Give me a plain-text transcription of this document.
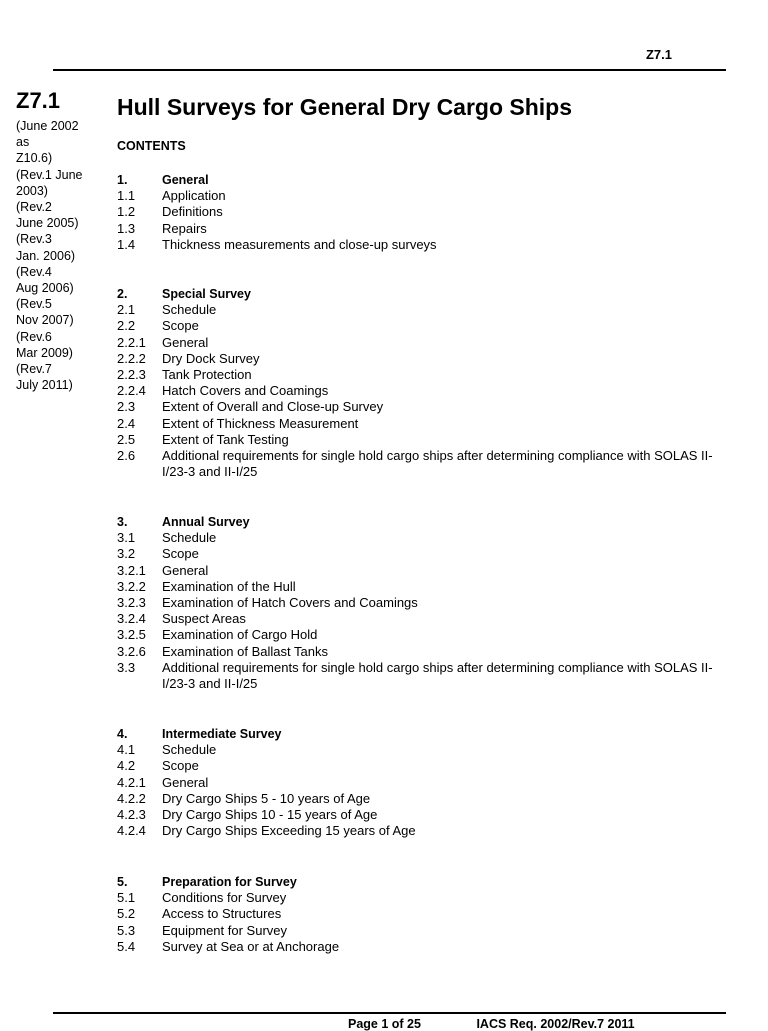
Z7.1
Z7.1
(June 2002
as
Z10.6)
(Rev.1 June
2003)
(Rev.2
June 2005)
(Rev.3
Jan. 2006)
(Rev.4
Aug 2006)
(Rev.5
Nov 2007)
(Rev.6
Mar 2009)
(Rev.7
July 2011)
Hull Surveys for General Dry Cargo Ships
CONTENTS
1.	General
1.1	Application
1.2	Definitions
1.3	Repairs
1.4	Thickness measurements and close-up surveys
2.	Special Survey
2.1	Schedule
2.2	Scope
2.2.1	General
2.2.2	Dry Dock Survey
2.2.3	Tank Protection
2.2.4	Hatch Covers and Coamings
2.3	Extent of Overall and Close-up Survey
2.4	Extent of Thickness Measurement
2.5	Extent of Tank Testing
2.6	Additional requirements for single hold cargo ships after determining compliance with SOLAS II-I/23-3 and II-I/25
3.	Annual Survey
3.1	Schedule
3.2	Scope
3.2.1	General
3.2.2	Examination of the Hull
3.2.3	Examination of Hatch Covers and Coamings
3.2.4	Suspect Areas
3.2.5	Examination of Cargo Hold
3.2.6	Examination of Ballast Tanks
3.3	Additional requirements for single hold cargo ships after determining compliance with SOLAS II-I/23-3 and II-I/25
4.	Intermediate Survey
4.1	Schedule
4.2	Scope
4.2.1	General
4.2.2	Dry Cargo Ships 5 - 10 years of Age
4.2.3	Dry Cargo Ships 10 - 15 years of Age
4.2.4	Dry Cargo Ships Exceeding 15 years of Age
5.	Preparation for Survey
5.1	Conditions for Survey
5.2	Access to Structures
5.3	Equipment for Survey
5.4	Survey at Sea or at Anchorage
Page 1 of 25	IACS Req. 2002/Rev.7 2011
